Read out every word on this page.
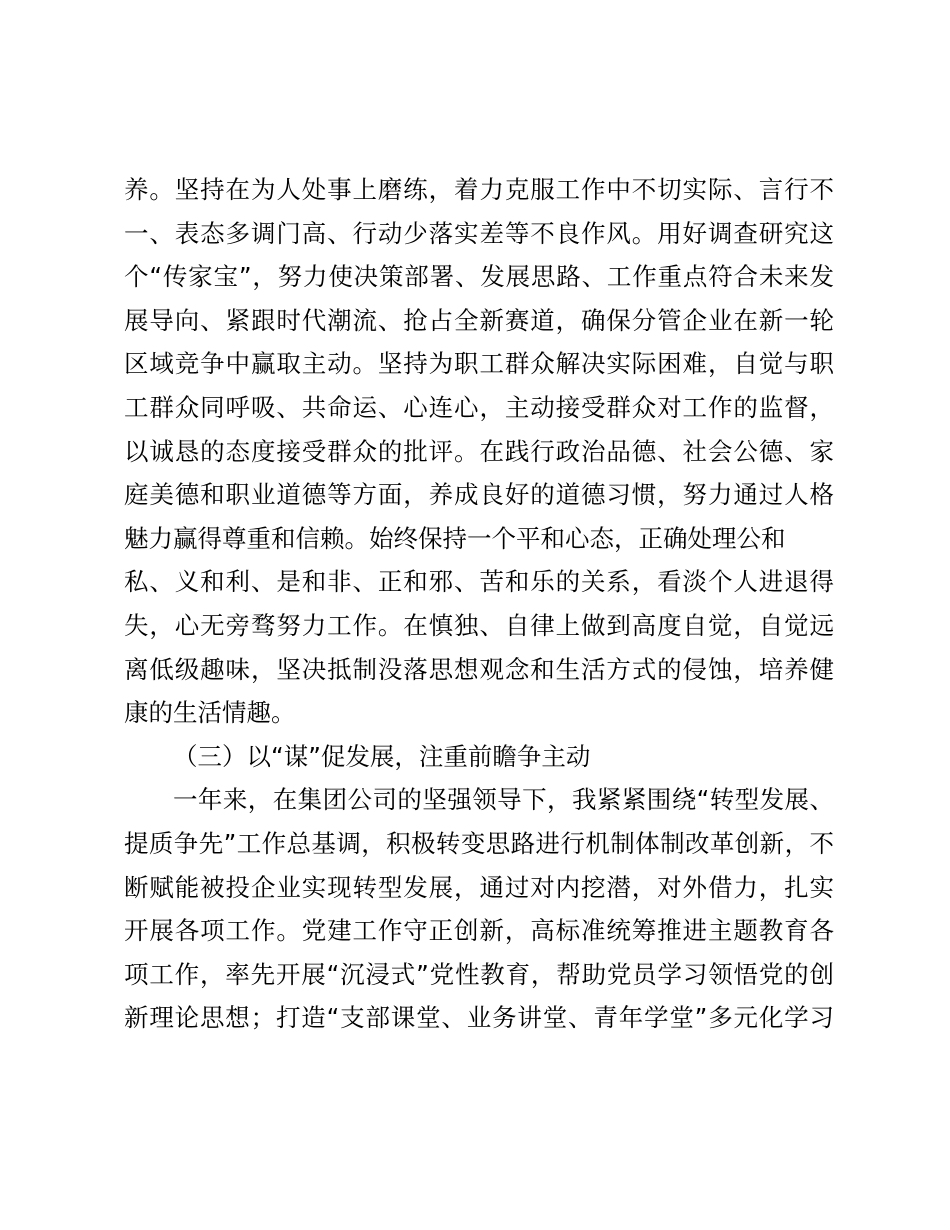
养。坚持在为人处事上磨练，着力克服工作中不切实际、言行不
一、表态多调门高、行动少落实差等不良作风。用好调查研究这
个“传家宝”，努力使决策部署、发展思路、工作重点符合未来发
展导向、紧跟时代潮流、抢占全新赛道，确保分管企业在新一轮
区域竞争中赢取主动。坚持为职工群众解决实际困难，自觉与职
工群众同呼吸、共命运、心连心，主动接受群众对工作的监督，
以诚恳的态度接受群众的批评。在践行政治品德、社会公德、家
庭美德和职业道德等方面，养成良好的道德习惯，努力通过人格
魅力赢得尊重和信赖。始终保持一个平和心态，正确处理公和
私、义和利、是和非、正和邪、苦和乐的关系，看淡个人进退得
失，心无旁骛努力工作。在慎独、自律上做到高度自觉，自觉远
离低级趣味，坚决抵制没落思想观念和生活方式的侵蚀，培养健
康的生活情趣。
（三）以“谋”促发展，注重前瞻争主动
一年来，在集团公司的坚强领导下，我紧紧围绕“转型发展、
提质争先”工作总基调，积极转变思路进行机制体制改革创新，不
断赋能被投企业实现转型发展，通过对内挖潜，对外借力，扎实
开展各项工作。党建工作守正创新，高标准统筹推进主题教育各
项工作，率先开展“沉浸式”党性教育，帮助党员学习领悟党的创
新理论思想；打造“支部课堂、业务讲堂、青年学堂”多元化学习
